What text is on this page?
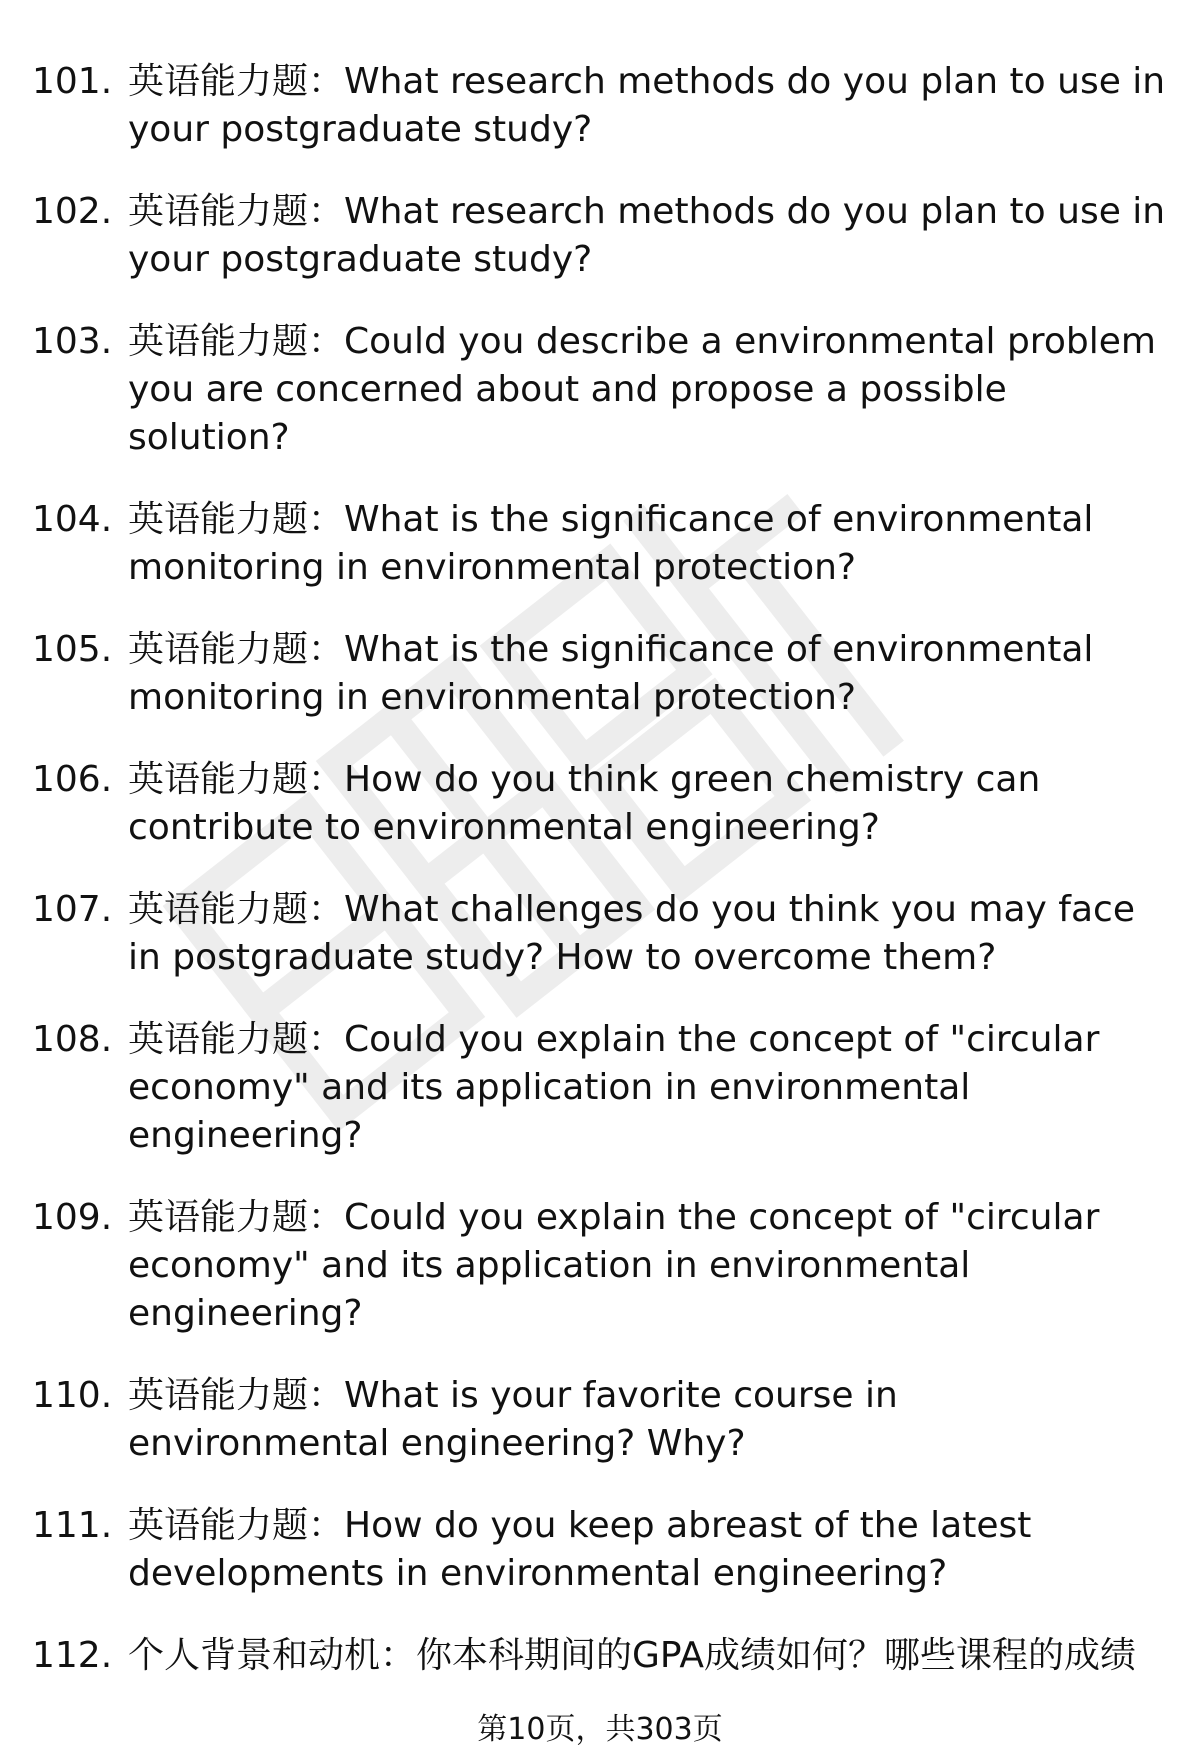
101. 英语能力题：What research methods do you plan to use in your postgraduate study?
102. 英语能力题：What research methods do you plan to use in your postgraduate study?
103. 英语能力题：Could you describe a environmental problem you are concerned about and propose a possible solution?
104. 英语能力题：What is the significance of environmental monitoring in environmental protection?
105. 英语能力题：What is the significance of environmental monitoring in environmental protection?
106. 英语能力题：How do you think green chemistry can contribute to environmental engineering?
107. 英语能力题：What challenges do you think you may face in postgraduate study? How to overcome them?
108. 英语能力题：Could you explain the concept of "circular economy" and its application in environmental engineering?
109. 英语能力题：Could you explain the concept of "circular economy" and its application in environmental engineering?
110. 英语能力题：What is your favorite course in environmental engineering? Why?
111. 英语能力题：How do you keep abreast of the latest developments in environmental engineering?
112. 个人背景和动机：你本科期间的GPA成绩如何？哪些课程的成绩
第10页，共303页
